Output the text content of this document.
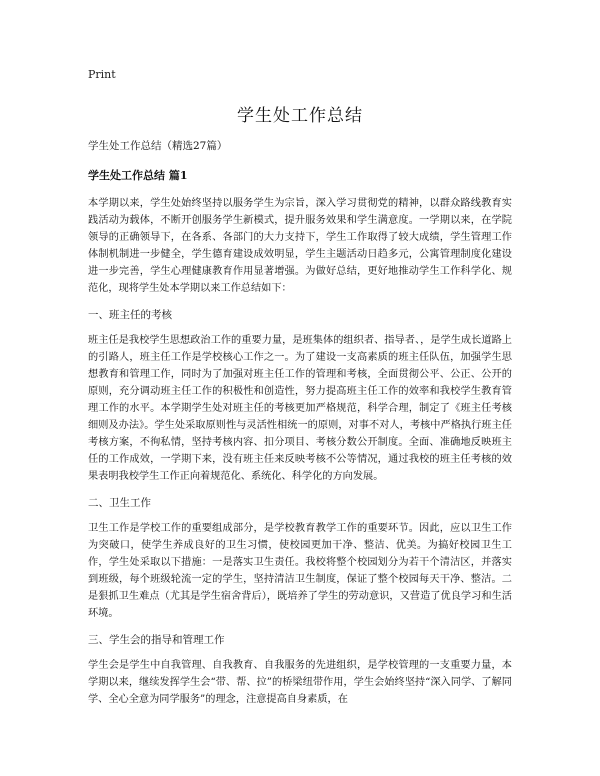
Print
学生处工作总结
学生处工作总结（精选27篇）
学生处工作总结 篇1

本学期以来，学生处始终坚持以服务学生为宗旨，深入学习贯彻党的精神，以群众路线教育实践活动为载体，不断开创服务学生新模式，提升服务效果和学生满意度。一学期以来，在学院领导的正确领导下，在各系、各部门的大力支持下，学生工作取得了较大成绩，学生管理工作体制机制进一步健全，学生德育建设成效明显，学生主题活动日趋多元，公寓管理制度化建设进一步完善，学生心理健康教育作用显著增强。为做好总结，更好地推动学生工作科学化、规范化，现将学生处本学期以来工作总结如下：

一、班主任的考核

班主任是我校学生思想政治工作的重要力量，是班集体的组织者、指导者、，是学生成长道路上的引路人，班主任工作是学校核心工作之一。为了建设一支高素质的班主任队伍，加强学生思想教育和管理工作，同时为了加强对班主任工作的管理和考核，全面贯彻公平、公正、公开的原则，充分调动班主任工作的积极性和创造性，努力提高班主任工作的效率和我校学生教育管理工作的水平。本学期学生处对班主任的考核更加严格规范，科学合理，制定了《班主任考核细则及办法》。学生处采取原则性与灵活性相统一的原则，对事不对人，考核中严格执行班主任考核方案，不徇私情，坚持考核内容、扣分项目、考核分数公开制度。全面、准确地反映班主任的工作成效，一学期下来，没有班主任来反映考核不公等情况，通过我校的班主任考核的效果表明我校学生工作正向着规范化、系统化、科学化的方向发展。

二、卫生工作

卫生工作是学校工作的重要组成部分，是学校教育教学工作的重要环节。因此，应以卫生工作为突破口，使学生养成良好的卫生习惯，使校园更加干净、整洁、优美。为搞好校园卫生工作，学生处采取以下措施：一是落实卫生责任。我校将整个校园划分为若干个清洁区，并落实到班级，每个班级轮流一定的学生，坚持清洁卫生制度，保证了整个校园每天干净、整洁。二是狠抓卫生难点（尤其是学生宿舍背后），既培养了学生的劳动意识，又营造了优良学习和生活环境。

三、学生会的指导和管理工作

学生会是学生中自我管理、自我教育、自我服务的先进组织，是学校管理的一支重要力量，本学期以来，继续发挥学生会“带、帮、拉”的桥梁纽带作用，学生会始终坚持“深入同学、了解同学、全心全意为同学服务”的理念，注意提高自身素质，在
